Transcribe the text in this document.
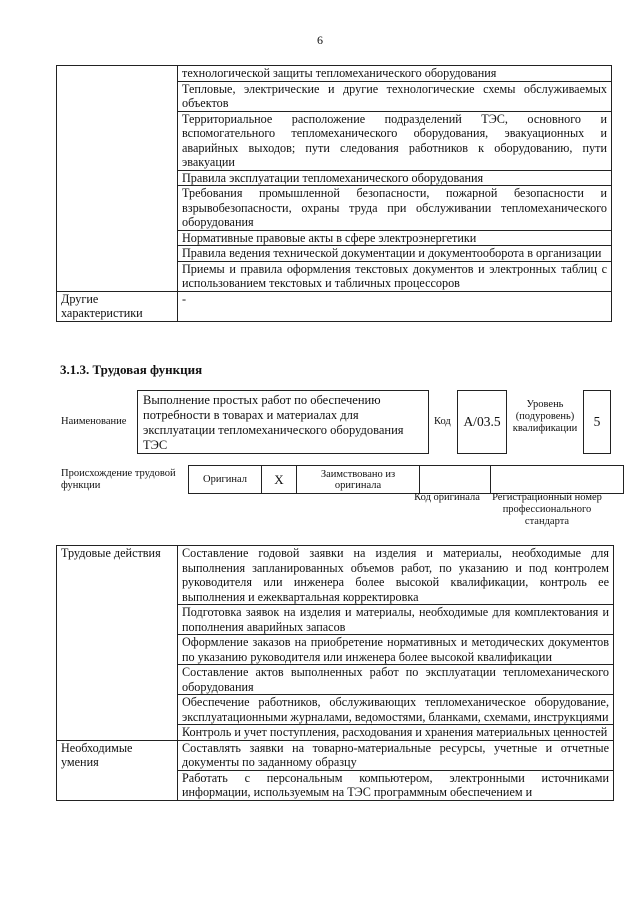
6
	технологической защиты тепломеханического оборудования
	Тепловые, электрические и другие технологические схемы обслуживаемых объектов
	Территориальное расположение подразделений ТЭС, основного и вспомогательного тепломеханического оборудования, эвакуационных и аварийных выходов; пути следования работников к оборудованию, пути эвакуации
	Правила эксплуатации тепломеханического оборудования
	Требования промышленной безопасности, пожарной безопасности и взрывобезопасности, охраны труда при обслуживании тепломеханического оборудования
	Нормативные правовые акты в сфере электроэнергетики
	Правила ведения технической документации и документооборота в организации
	Приемы и правила оформления текстовых документов и электронных таблиц с использованием текстовых и табличных процессоров
Другие характеристики	-
3.1.3. Трудовая функция
Наименование
Выполнение простых работ по обеспечению потребности в товарах и материалах для эксплуатации тепломеханического оборудования ТЭС
Код A/03.5
Уровень (подуровень) квалификации	5
Происхождение трудовой функции
Оригинал	X	Заимствовано из оригинала		
Код оригинала	Регистрационный номер профессионального стандарта
Трудовые действия	Составление годовой заявки на изделия и материалы, необходимые для выполнения запланированных объемов работ, по указанию и под контролем руководителя или инженера более высокой квалификации, контроль ее выполнения и ежеквартальная корректировка
	Подготовка заявок на изделия и материалы, необходимые для комплектования и пополнения аварийных запасов
	Оформление заказов на приобретение нормативных и методических документов по указанию руководителя или инженера более высокой квалификации
	Составление актов выполненных работ по эксплуатации тепломеханического оборудования
	Обеспечение работников, обслуживающих тепломеханическое оборудование, эксплуатационными журналами, ведомостями, бланками, схемами, инструкциями
	Контроль и учет поступления, расходования и хранения материальных ценностей
Необходимые умения	Составлять заявки на товарно-материальные ресурсы, учетные и отчетные документы по заданному образцу
	Работать с персональным компьютером, электронными источниками информации, используемым на ТЭС программным обеспечением и
